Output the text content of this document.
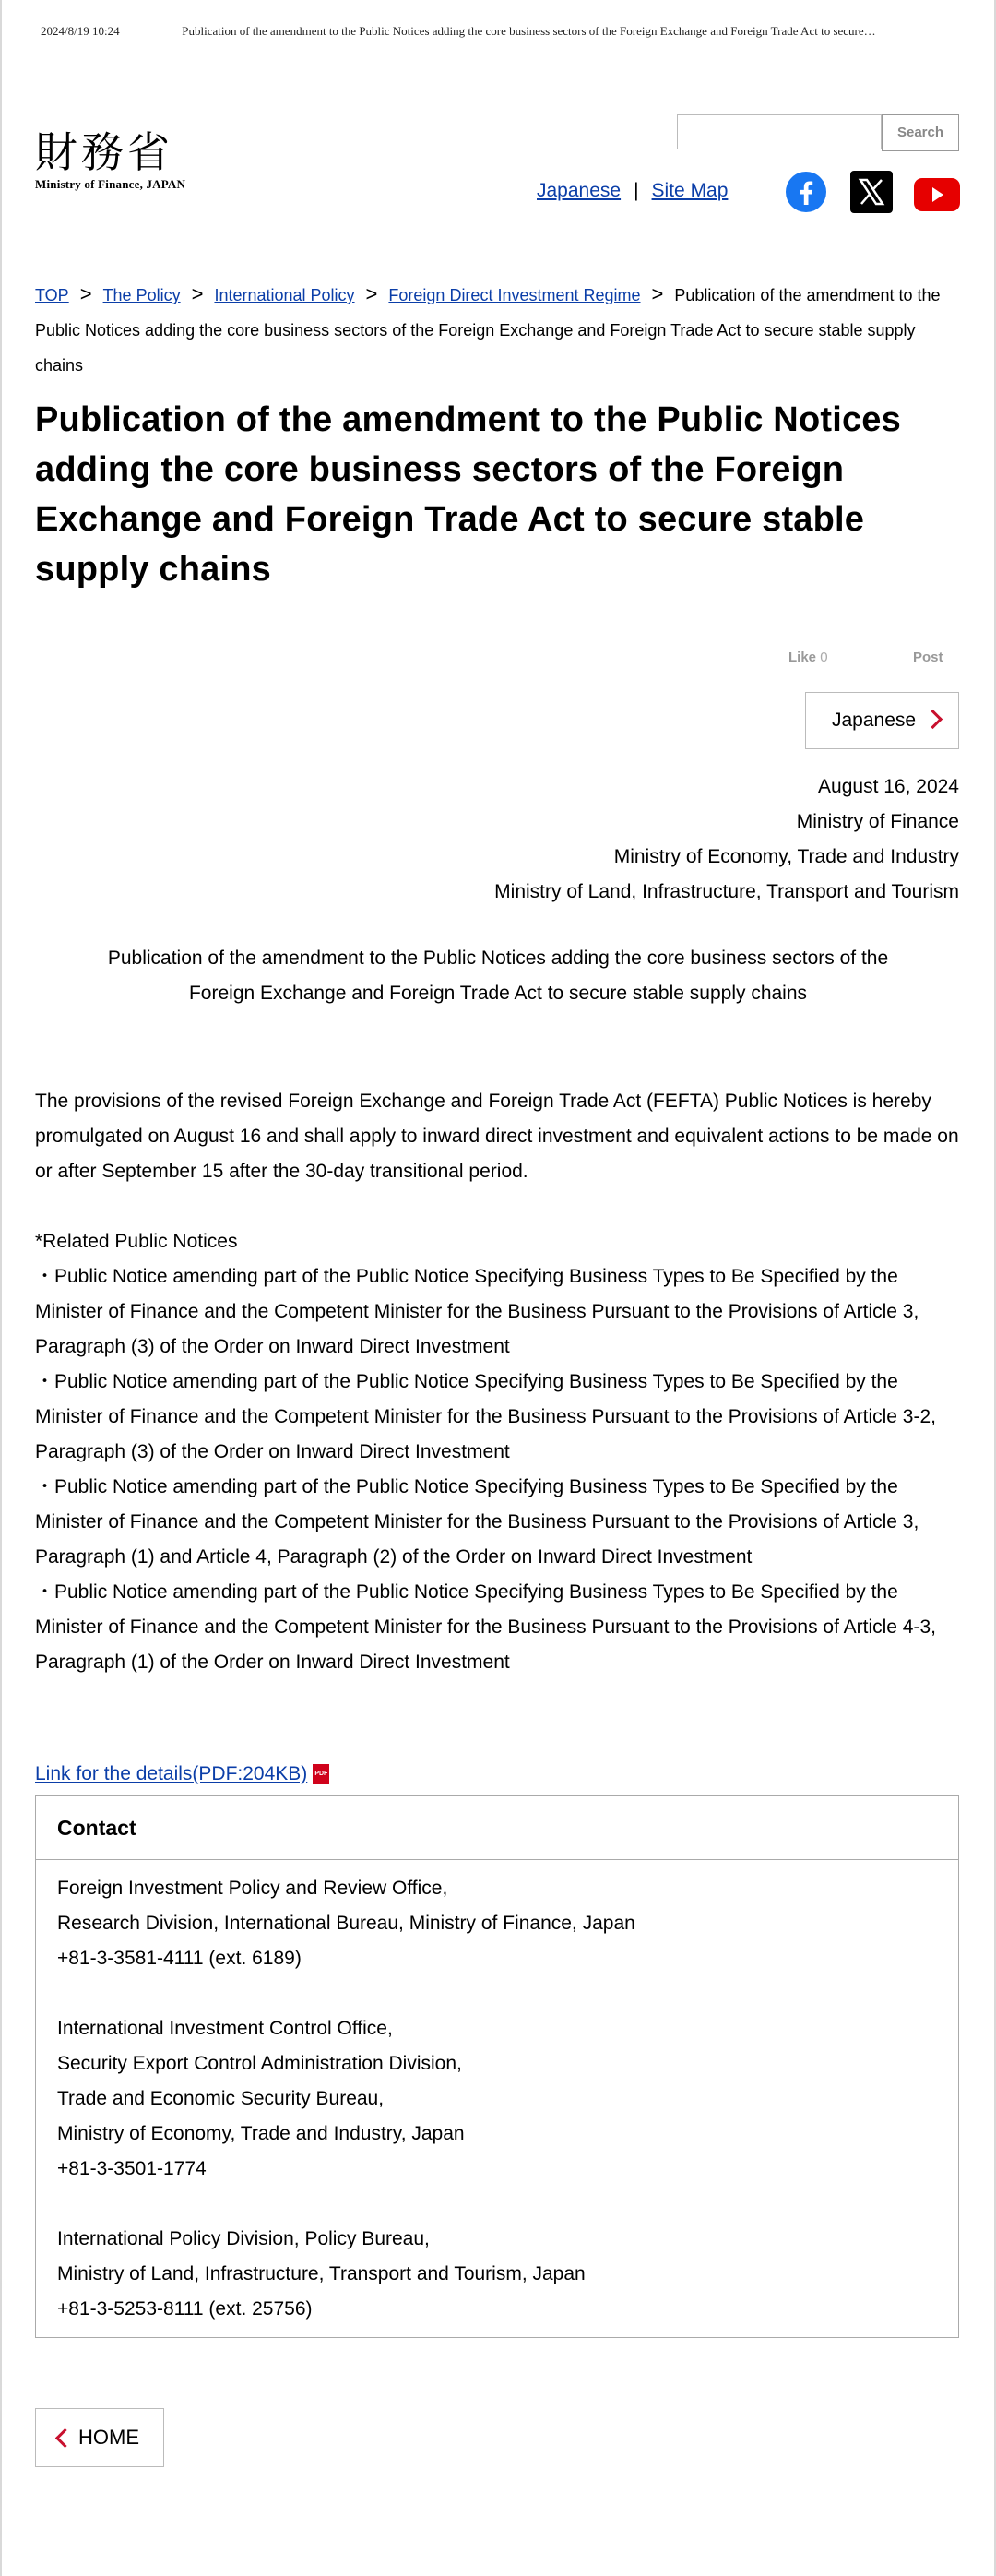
2024/8/19 10:24	Publication of the amendment to the Public Notices adding the core business sectors of the Foreign Exchange and Foreign Trade Act to secure…
財務省
Ministry of Finance, JAPAN
Search
Japanese | Site Map
TOP > The Policy > International Policy > Foreign Direct Investment Regime > Publication of the amendment to the Public Notices adding the core business sectors of the Foreign Exchange and Foreign Trade Act to secure stable supply chains
Publication of the amendment to the Public Notices adding the core business sectors of the Foreign Exchange and Foreign Trade Act to secure stable supply chains
Like 0	Post
Japanese
August 16, 2024
Ministry of Finance
Ministry of Economy, Trade and Industry
Ministry of Land, Infrastructure, Transport and Tourism
Publication of the amendment to the Public Notices adding the core business sectors of the Foreign Exchange and Foreign Trade Act to secure stable supply chains
The provisions of the revised Foreign Exchange and Foreign Trade Act (FEFTA) Public Notices is hereby promulgated on August 16 and shall apply to inward direct investment and equivalent actions to be made on or after September 15 after the 30-day transitional period.
*Related Public Notices
・Public Notice amending part of the Public Notice Specifying Business Types to Be Specified by the Minister of Finance and the Competent Minister for the Business Pursuant to the Provisions of Article 3, Paragraph (3) of the Order on Inward Direct Investment
・Public Notice amending part of the Public Notice Specifying Business Types to Be Specified by the Minister of Finance and the Competent Minister for the Business Pursuant to the Provisions of Article 3-2, Paragraph (3) of the Order on Inward Direct Investment
・Public Notice amending part of the Public Notice Specifying Business Types to Be Specified by the Minister of Finance and the Competent Minister for the Business Pursuant to the Provisions of Article 3, Paragraph (1) and Article 4, Paragraph (2) of the Order on Inward Direct Investment
・Public Notice amending part of the Public Notice Specifying Business Types to Be Specified by the Minister of Finance and the Competent Minister for the Business Pursuant to the Provisions of Article 4-3, Paragraph (1) of the Order on Inward Direct Investment
Link for the details(PDF:204KB) PDF
Contact
Foreign Investment Policy and Review Office,
Research Division, International Bureau, Ministry of Finance, Japan
+81-3-3581-4111 (ext. 6189)
International Investment Control Office,
Security Export Control Administration Division,
Trade and Economic Security Bureau,
Ministry of Economy, Trade and Industry, Japan
+81-3-3501-1774
International Policy Division, Policy Bureau,
Ministry of Land, Infrastructure, Transport and Tourism, Japan
+81-3-5253-8111 (ext. 25756)
HOME
